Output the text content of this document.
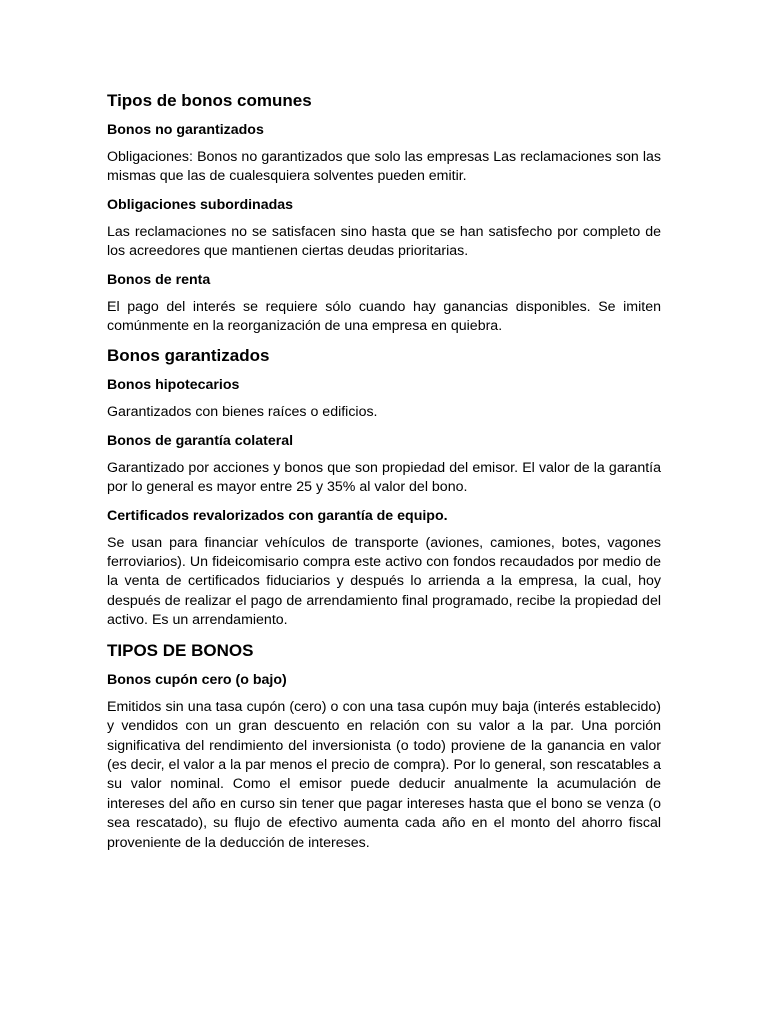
Tipos de bonos comunes
Bonos no garantizados
Obligaciones: Bonos no garantizados que solo las empresas Las reclamaciones son las mismas que las de cualesquiera solventes pueden emitir.
Obligaciones subordinadas
Las reclamaciones no se satisfacen sino hasta que se han satisfecho por completo de los acreedores que mantienen ciertas deudas prioritarias.
Bonos de renta
El pago del interés se requiere sólo cuando hay ganancias disponibles. Se imiten comúnmente en la reorganización de una empresa en quiebra.
Bonos garantizados
Bonos hipotecarios
Garantizados con bienes raíces o edificios.
Bonos de garantía colateral
Garantizado por acciones y bonos que son propiedad del emisor. El valor de la garantía por lo general es mayor entre 25 y 35% al valor del bono.
Certificados revalorizados con garantía de equipo.
Se usan para financiar vehículos de transporte (aviones, camiones, botes, vagones ferroviarios). Un fideicomisario compra este activo con fondos recaudados por medio de la venta de certificados fiduciarios y después lo arrienda a la empresa, la cual, hoy después de realizar el pago de arrendamiento final programado, recibe la propiedad del activo. Es un arrendamiento.
TIPOS DE BONOS
Bonos cupón cero (o bajo)
Emitidos sin una tasa cupón (cero) o con una tasa cupón muy baja (interés establecido) y vendidos con un gran descuento en relación con su valor a la par. Una porción significativa del rendimiento del inversionista (o todo) proviene de la ganancia en valor (es decir, el valor a la par menos el precio de compra). Por lo general, son rescatables a su valor nominal. Como el emisor puede deducir anualmente la acumulación de intereses del año en curso sin tener que pagar intereses hasta que el bono se venza (o sea rescatado), su flujo de efectivo aumenta cada año en el monto del ahorro fiscal proveniente de la deducción de intereses.
